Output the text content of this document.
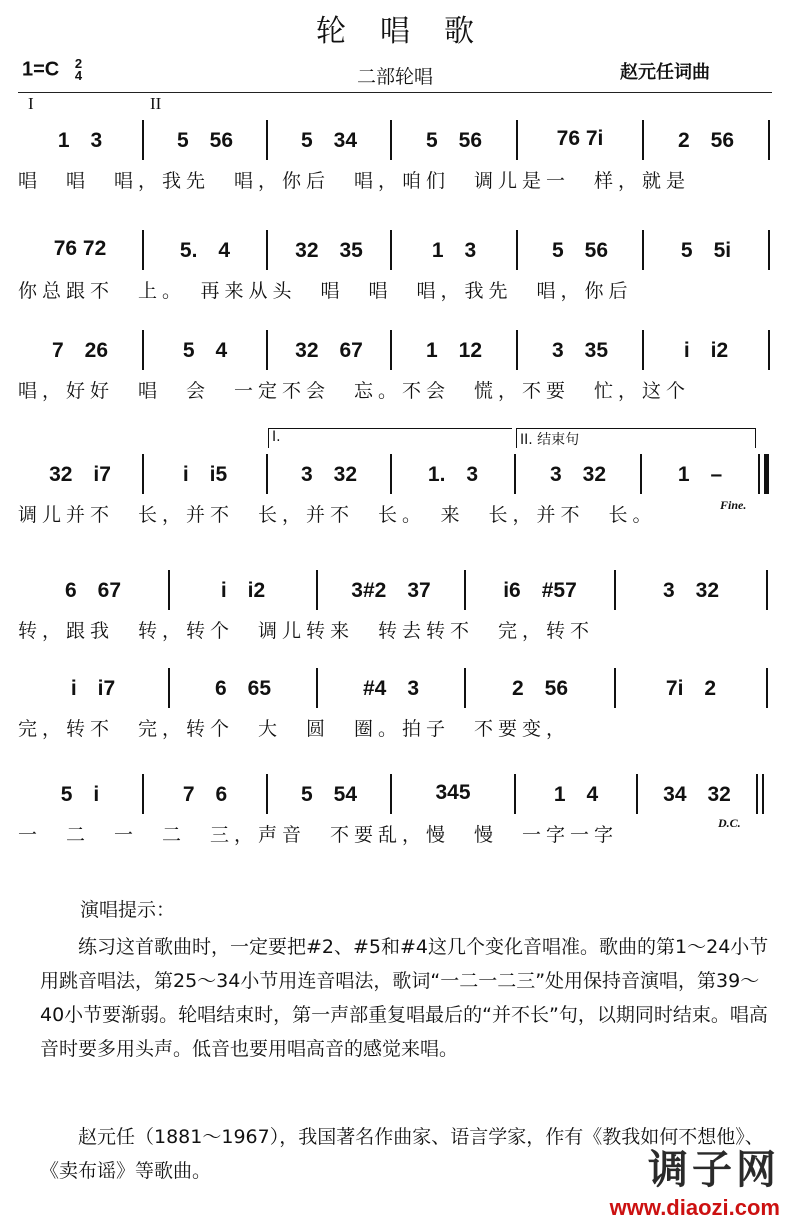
轮唱歌
1=C 2
4	二部轮唱	赵元任词曲
I	II
1　3	5　56	5　34	5　56	76 7i	2　56
唱　唱　唱，我先　唱，你后　唱，咱们　调儿是一　样，就是
76 72	5.　4	32　35	1　3	5　56	5　5i
你总跟不　上。　再来从头　唱　唱　唱，我先　唱，你后
7　26	5　4	32　67	1　12	3　35	i　i2
唱，好好　唱　会　一定不会　忘。不会　慌，不要　忙，这个
I.	II. 结束句
32　i7	i　i5	3　32	1.　3	3　32	1　–
调儿并不　长，并不　长，并不　长。　来　长，并不　长。	Fine.
6　67	i　i2	3#2　37	i6　#57	3　32
转，跟我　转，转个　调儿转来　转去转不　完，转不
i　i7	6　65	#4　3	2　56	7i　2
完，转不　完，转个　大　圆　圈。拍子　不要变，
5　i	7　6	5　54	345	1　4	34　32
一　二　一　二　三，声音　不要乱，慢　慢　一字一字
D.C.
演唱提示：
练习这首歌曲时，一定要把#2、#5和#4这几个变化音唱准。歌曲的第1～24小节用跳音唱法，第25～34小节用连音唱法，歌词“一二一二三”处用保持音演唱，第39～40小节要渐弱。轮唱结束时，第一声部重复唱最后的“并不长”句，以期同时结束。唱高音时要多用头声。低音也要用唱高音的感觉来唱。
赵元任（1881～1967），我国著名作曲家、语言学家，作有《教我如何不想他》、《卖布谣》等歌曲。	调子网
www.diaozi.com
